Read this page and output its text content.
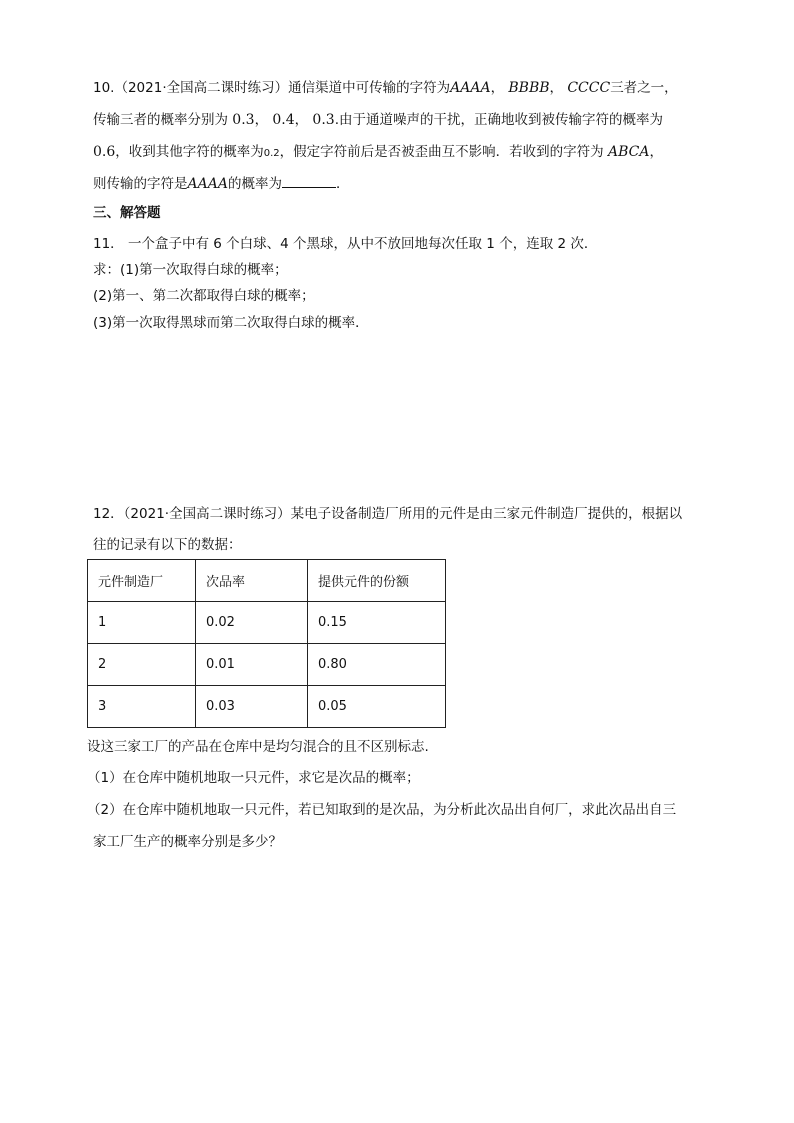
10.（2021·全国高二课时练习）通信渠道中可传输的字符为AAAA， BBBB， CCCC三者之一，
传输三者的概率分别为 0.3， 0.4， 0.3.由于通道噪声的干扰，正确地收到被传输字符的概率为
0.6，收到其他字符的概率为0.2，假定字符前后是否被歪曲互不影响．若收到的字符为 ABCA，
则传输的字符是AAAA的概率为	．
三、解答题
11． 一个盒子中有 6 个白球、4 个黑球，从中不放回地每次任取 1 个，连取 2 次．
求：(1)第一次取得白球的概率；
(2)第一、第二次都取得白球的概率；
(3)第一次取得黑球而第二次取得白球的概率．
12．（2021·全国高二课时练习）某电子设备制造厂所用的元件是由三家元件制造厂提供的，根据以
往的记录有以下的数据：
元件制造厂	次品率	提供元件的份额
1	0.02	0.15
2	0.01	0.80
3	0.03	0.05
设这三家工厂的产品在仓库中是均匀混合的且不区别标志.
（1）在仓库中随机地取一只元件，求它是次品的概率；
（2）在仓库中随机地取一只元件，若已知取到的是次品，为分析此次品出自何厂，求此次品出自三
家工厂生产的概率分别是多少？
